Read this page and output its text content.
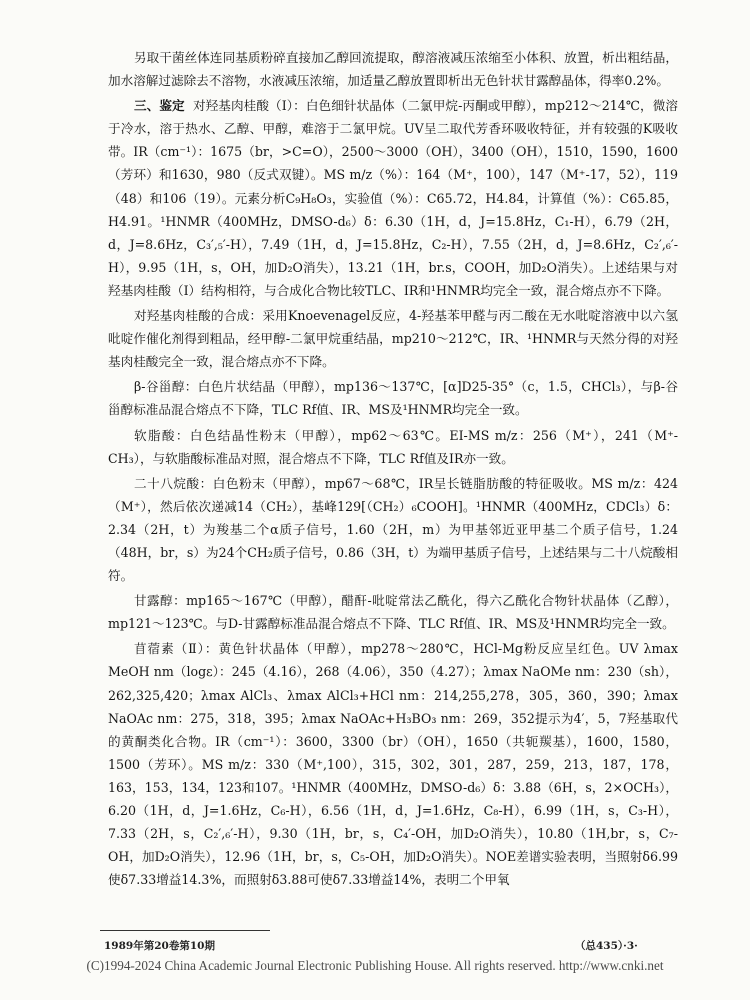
另取干菌丝体连同基质粉碎直接加乙醇回流提取，醇溶液减压浓缩至小体积、放置，析出粗结晶，加水溶解过滤除去不溶物，水液减压浓缩，加适量乙醇放置即析出无色针状甘露醇晶体，得率0.2%。

三、鉴定 对羟基肉桂酸（Ⅰ）：白色细针状晶体（二氯甲烷-丙酮或甲醇），mp212～214℃，微溶于冷水，溶于热水、乙醇、甲醇，难溶于二氯甲烷。UV呈二取代芳香环吸收特征，并有较强的K吸收带。IR（cm⁻¹）：1675（br，>C=O），2500～3000（OH），3400（OH），1510，1590，1600（芳环）和1630，980（反式双键）。MS m/z（%）：164（M⁺，100），147（M⁺-17，52），119（48）和106（19）。元素分析C₉H₈O₃，实验值（%）：C65.72，H4.84，计算值（%）：C65.85，H4.91。¹HNMR（400MHz，DMSO-d₆）δ：6.30（1H，d，J=15.8Hz，C₁-H），6.79（2H，d，J=8.6Hz，C₃′,₅′-H），7.49（1H，d，J=15.8Hz，C₂-H），7.55（2H，d，J=8.6Hz，C₂′,₆′-H），9.95（1H，s，OH，加D₂O消失），13.21（1H，br.s，COOH，加D₂O消失）。上述结果与对羟基肉桂酸（Ⅰ）结构相符，与合成化合物比较TLC、IR和¹HNMR均完全一致，混合熔点亦不下降。

对羟基肉桂酸的合成：采用Knoevenagel反应，4-羟基苯甲醛与丙二酸在无水吡啶溶液中以六氢吡啶作催化剂得到粗品，经甲醇-二氯甲烷重结晶，mp210～212℃，IR、¹HNMR与天然分得的对羟基肉桂酸完全一致，混合熔点亦不下降。

β-谷甾醇：白色片状结晶（甲醇），mp136～137℃，[α]D25-35°（c，1.5，CHCl₃），与β-谷甾醇标准品混合熔点不下降，TLC Rf值、IR、MS及¹HNMR均完全一致。

软脂酸：白色结晶性粉末（甲醇），mp62～63℃。EI-MS m/z：256（M⁺），241（M⁺-CH₃），与软脂酸标准品对照，混合熔点不下降，TLC Rf值及IR亦一致。

二十八烷酸：白色粉末（甲醇），mp67～68℃，IR呈长链脂肪酸的特征吸收。MS m/z：424（M⁺），然后依次递减14（CH₂），基峰129[（CH₂）₆COOH]。¹HNMR（400MHz，CDCl₃）δ：2.34（2H，t）为羧基二个α质子信号，1.60（2H，m）为甲基邻近亚甲基二个质子信号，1.24（48H，br，s）为24个CH₂质子信号，0.86（3H，t）为端甲基质子信号，上述结果与二十八烷酸相符。

甘露醇：mp165～167℃（甲醇），醋酐-吡啶常法乙酰化，得六乙酰化合物针状晶体（乙醇），mp121～123℃。与D-甘露醇标准品混合熔点不下降、TLC Rf值、IR、MS及¹HNMR均完全一致。

苜蓿素（Ⅱ）：黄色针状晶体（甲醇），mp278～280℃，HCl-Mg粉反应呈红色。UV λmax MeOH nm（logε）：245（4.16），268（4.06），350（4.27）；λmax NaOMe nm：230（sh），262,325,420；λmax AlCl₃、λmax AlCl₃+HCl nm：214,255,278，305，360，390；λmax NaOAc nm：275，318，395；λmax NaOAc+H₃BO₃ nm：269，352提示为4′，5，7羟基取代的黄酮类化合物。IR（cm⁻¹）：3600，3300（br）（OH），1650（共轭羰基），1600，1580，1500（芳环）。MS m/z：330（M⁺,100），315，302，301，287，259，213，187，178，163，153，134，123和107。¹HNMR（400MHz，DMSO-d₆）δ：3.88（6H，s，2×OCH₃），6.20（1H，d，J=1.6Hz，C₆-H），6.56（1H，d，J=1.6Hz，C₈-H），6.99（1H，s，C₃-H），7.33（2H，s，C₂′,₆′-H），9.30（1H，br，s，C₄′-OH，加D₂O消失），10.80（1H,br，s，C₇-OH，加D₂O消失），12.96（1H，br，s，C₅-OH，加D₂O消失）。NOE差谱实验表明，当照射δ6.99使δ7.33增益14.3%，而照射δ3.88可使δ7.33增益14%，表明二个甲氧

1989年第20卷第10期	（总435）·3·
(C)1994-2024 China Academic Journal Electronic Publishing House. All rights reserved. http://www.cnki.net
